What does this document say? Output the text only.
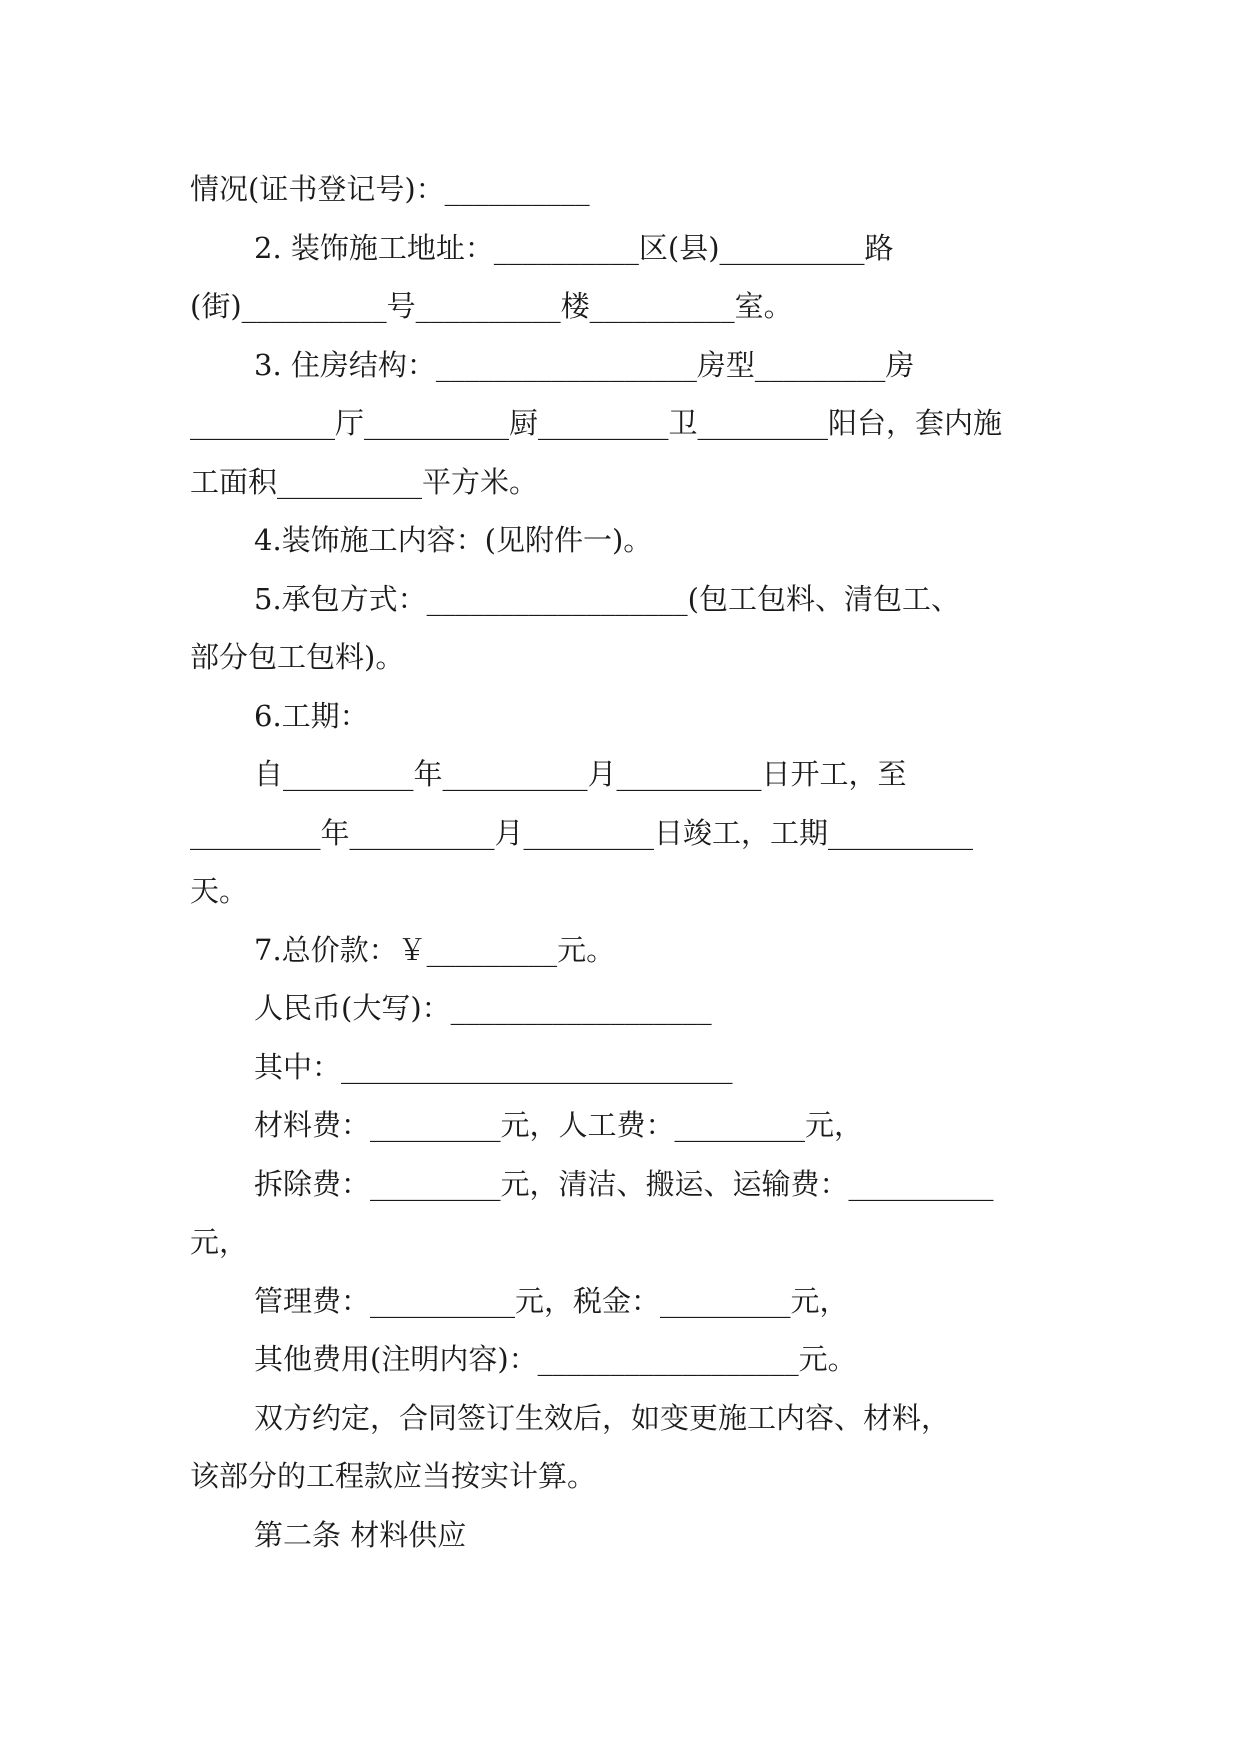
情况(证书登记号)：__________
2. 装饰施工地址：__________区(县)__________路
(街)__________号__________楼__________室。
3. 住房结构：__________________房型_________房
__________厅__________厨_________卫_________阳台，套内施
工面积__________平方米。
4.装饰施工内容：(见附件一)。
5.承包方式：__________________(包工包料、清包工、
部分包工包料)。
6.工期：
自_________年__________月__________日开工，至
_________年__________月_________日竣工，工期__________
天。
7.总价款：￥_________元。
人民币(大写)：__________________
其中：___________________________
材料费：_________元，人工费：_________元，
拆除费：_________元，清洁、搬运、运输费：__________
元，
管理费：__________元，税金：_________元，
其他费用(注明内容)：__________________元。
双方约定，合同签订生效后，如变更施工内容、材料，
该部分的工程款应当按实计算。
第二条 材料供应
